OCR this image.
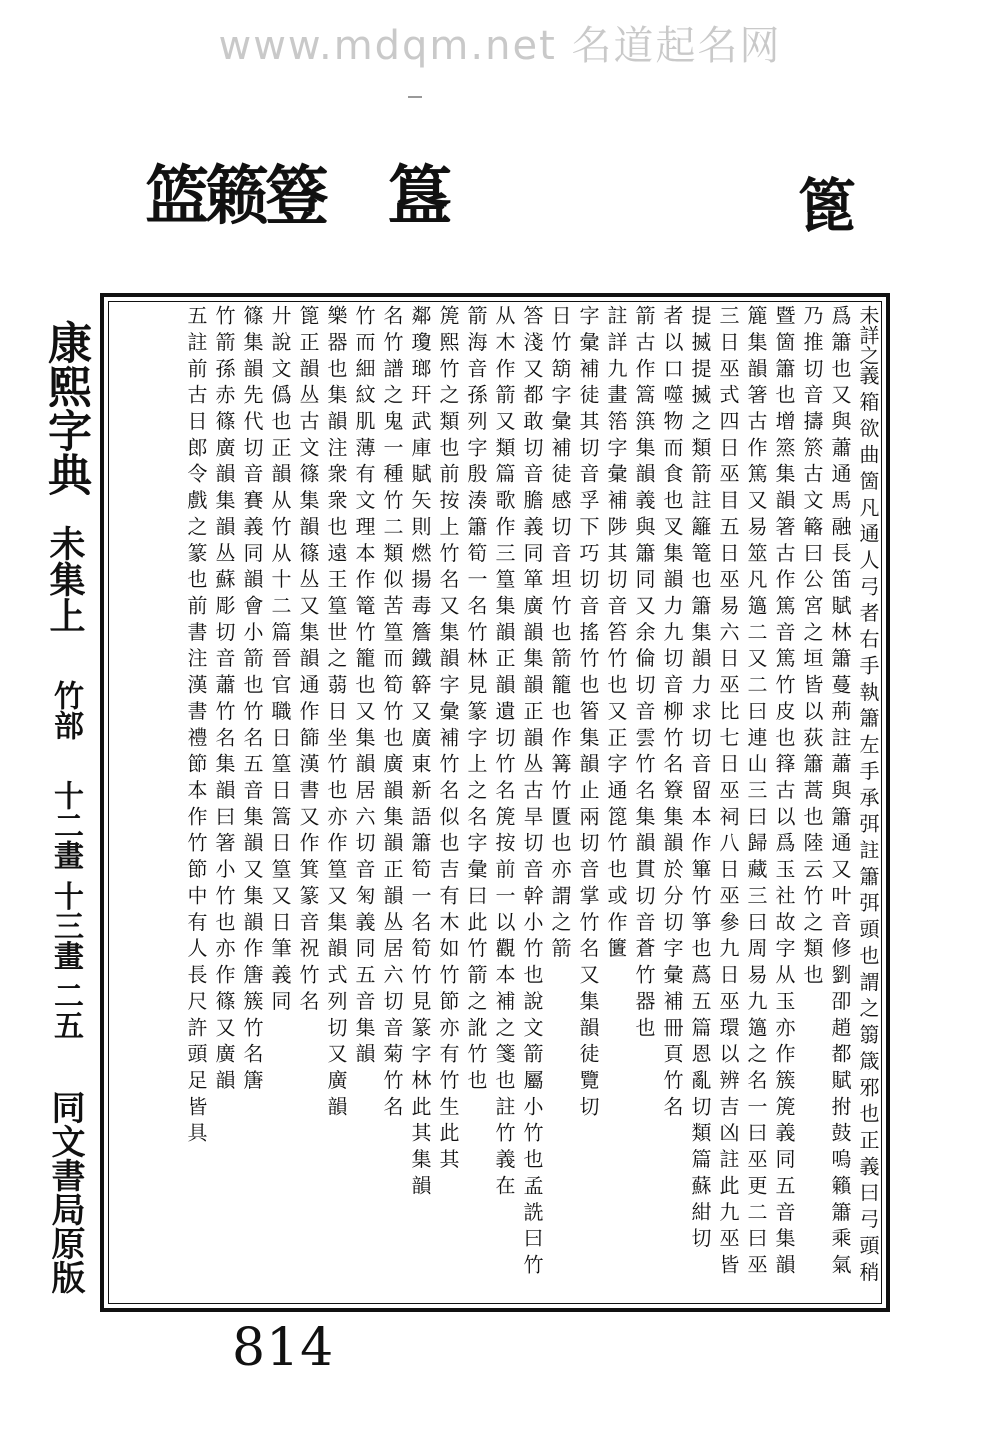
www.mdqm.net 名道起名网
篮
籁
簦 簋	篦
康熙字典
未集上
竹部
十二畫 十三畫
二五
同文書局原版
未詳之義 箱 欲 曲 箇 凡 通 人 弓 者 右 手 執 簫 左 手 承 弭 註 簫 弭 頭 也 謂 之 篛 箴 邪 也 正 義 曰 弓 頭 稍
爲 簫 也 又 與 蕭 通 馬 融 長 笛 賦 林 簫 蔓 荊 註 蕭 與 簫 通 又 叶 音 修 劉 卲 趙 都 賦 拊 鼓 嗚 籟 簫 乘 氣
乃 推 切 音 擣 箊 古 文 簵 曰 公 宮 之 垣 皆 以 荻 簫 蒿 也 陸 云 竹 之 類 也
暨 箇 簫 也 增 篜 集 韻 箸 古 作 篤 音 篤 竹 皮 也 箨 古 以 爲 玉 社 故 字 从 玉 亦 作 簇 箎 義 同 五 音 集 韻
簏 集 韻 箸 古 作 篤 又 易 筮 凡 簻 二 又 二 曰 連 山 三 曰 歸 藏 三 曰 周 易 九 簻 之 名 一 曰 巫 更 二 曰 巫
三 日 巫 式 四 日 巫 目 五 日 巫 易 六 日 巫 比 七 日 巫 祠 八 日 巫 參 九 日 巫 環 以 辨 吉 凶 註 此 九 巫 皆
提 揻 提 揻 之 類 箭 註 籬 篭 也 簫 集 韻 力 求 切 音 留 本 作 篳 竹 箏 也 蔿 五 篇 恩 亂 切 類 篇 蘇 紺 切
者 以 口 噬 物 而 食 也 叉 集 韻 力 九 切 音 柳 竹 名 簝 集 韻 於 分 切 字 彙 補 冊 頁 竹 名
箭 古 作 篙 篊 集 韻 義 與 簫 同 又 余 倫 切 音 雲 竹 名 集 韻 貫 切 音 蒼 竹 器 也
註 詳 九 畫 箈 字 彙 補 陟 其 切 音 笞 竹 也 又 正 字 通 箆 竹 也 或 作 籄
字 彙 補 徒 其 切 音 孚 下 巧 切 音 搖 竹 也 箵 集 韻 止 兩 切 音 掌 竹 名 又 集 韻 徒 覽 切
日 竹 箶 字 彙 補 徒 感 切 音 坦 竹 也 箭 籠 也 作 篝 竹 匱 也 亦 謂 之 箭
答 淺 又 都 敢 切 音 膽 義 同 箪 廣 韻 集 韻 正 韻 丛 古 旱 切 音 幹 小 竹 也 說 文 箭 屬 小 竹 也 孟 詵 曰 竹
从 木 作 箭 又 類 篇 歌 作 三 篁 集 韻 正 韻 遺 切 竹 名 箎 按 前 一 以 觀 本 補 之 箋 也 註 竹 義 在
箭 海 音 孫 列 字 殷 湊 簫 筍 一 名 竹 林 見 篆 字 上 之 名 字 彙 曰 此 竹 箭 之 訛 竹 也
箎 熙 竹 之 類 也 前 按 上 竹 名 又 集 韻 字 彙 補 竹 名 似 也 吉 有 木 如 竹 節 亦 有 竹 生 此 其
鄰 瓊 瑯 玕 武 庫 賦 矢 則 燃 揚 毒 簷 鐵 簳 又 廣 東 新 語 簫 筍 一 名 筍 竹 見 篆 字 林 此 其 集 韻
名 竹 譜 之 鬼 一 種 竹 二 類 似 苦 篁 而 筍 竹 也 廣 韻 集 韻 正 韻 丛 居 六 切 音 菊 竹 名
竹 而 細 紋 肌 薄 有 文 理 本 作 篭 竹 籠 也 又 集 韻 居 六 切 音 匊 義 同 五 音 集 韻
樂 器 也 集 韻 注 衆 衆 也 遠 王 篁 世 之 蒻 日 坐 竹 也 亦 作 篁 又 集 韻 式 列 切 又 廣 韻
篦 正 韻 丛 古 文 篠 集 韻 篠 丛 又 集 韻 通 作 篩 漢 書 又 作 箕 篆 音 祝 竹 名
廾 說 文 僞 也 正 韻 从 竹 从 十 二 篇 晉 官 職 日 篁 日 篙 日 篁 又 日 筆 義 同
篠 集 韻 先 代 切 音 賽 義 同 韻 會 小 箭 也 竹 名 五 音 集 韻 又 集 韻 作 篖 簇 竹 名 篖
竹 箭 孫 赤 篠 廣 韻 集 韻 丛 蘇 彫 切 音 蕭 竹 名 集 韻 曰 箸 小 竹 也 亦 作 篠 又 廣 韻
五 註 前 古 日 郎 令 戲 之 篆 也 前 書 注 漢 書 禮 節 本 作 竹 節 中 有 人 長 尺 許 頭 足 皆 具
814
